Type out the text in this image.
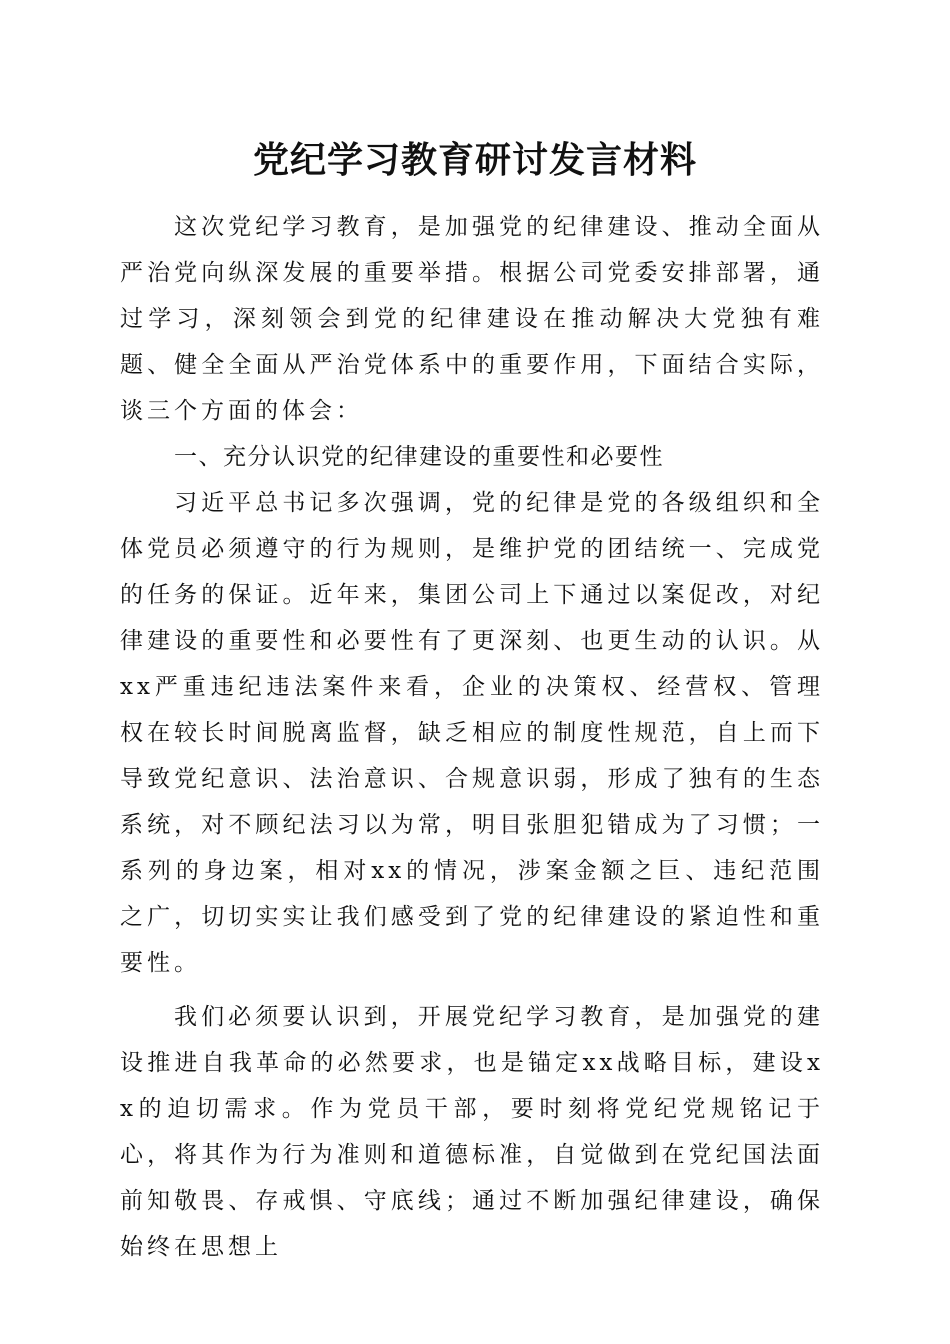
党纪学习教育研讨发言材料

这次党纪学习教育，是加强党的纪律建设、推动全面从严治党向纵深发展的重要举措。根据公司党委安排部署，通过学习，深刻领会到党的纪律建设在推动解决大党独有难题、健全全面从严治党体系中的重要作用，下面结合实际，谈三个方面的体会：

一、充分认识党的纪律建设的重要性和必要性

习近平总书记多次强调，党的纪律是党的各级组织和全体党员必须遵守的行为规则，是维护党的团结统一、完成党的任务的保证。近年来，集团公司上下通过以案促改，对纪律建设的重要性和必要性有了更深刻、也更生动的认识。从xx严重违纪违法案件来看，企业的决策权、经营权、管理权在较长时间脱离监督，缺乏相应的制度性规范，自上而下导致党纪意识、法治意识、合规意识弱，形成了独有的生态系统，对不顾纪法习以为常，明目张胆犯错成为了习惯；一系列的身边案，相对xx的情况，涉案金额之巨、违纪范围之广，切切实实让我们感受到了党的纪律建设的紧迫性和重要性。

我们必须要认识到，开展党纪学习教育，是加强党的建设推进自我革命的必然要求，也是锚定xx战略目标，建设xx的迫切需求。作为党员干部，要时刻将党纪党规铭记于心，将其作为行为准则和道德标准，自觉做到在党纪国法面前知敬畏、存戒惧、守底线；通过不断加强纪律建设，确保始终在思想上
